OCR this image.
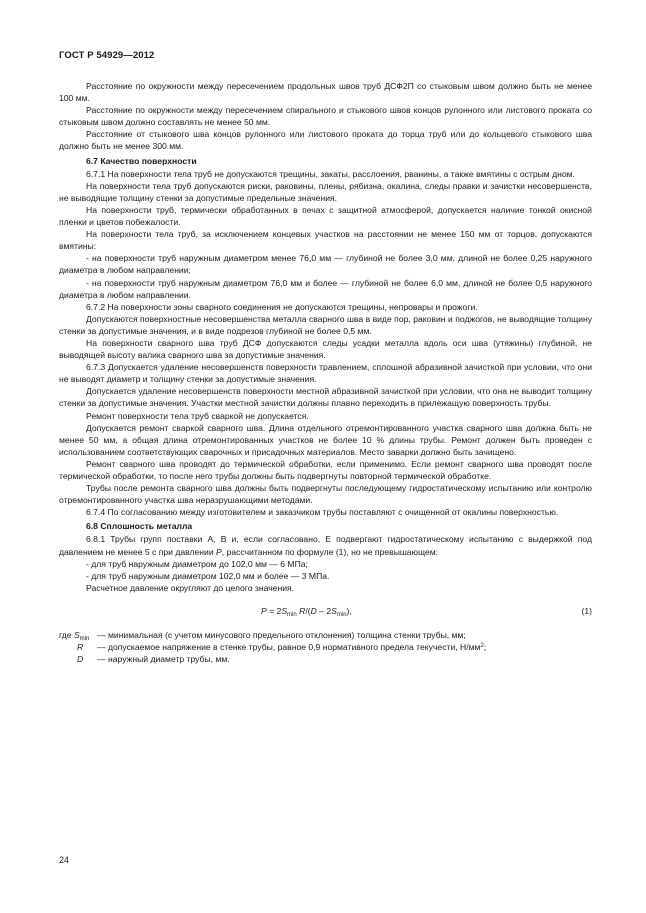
ГОСТ Р 54929—2012

Расстояние по окружности между пересечением продольных швов труб ДСФ2П со стыковым швом должно быть не менее 100 мм.

Расстояние по окружности между пересечением спирального и стыкового швов концов рулонного или листового проката со стыковым швом должно составлять не менее 50 мм.

Расстояние от стыкового шва концов рулонного или листового проката до торца труб или до кольцевого стыкового шва должно быть не менее 300 мм.

6.7 Качество поверхности

6.7.1 На поверхности тела труб не допускаются трещины, закаты, расслоения, рванины, а также вмятины с острым дном.

На поверхности тела труб допускаются риски, раковины, плены, рябизна, окалина, следы правки и зачистки несовершенств, не выводящие толщину стенки за допустимые предельные значения.

На поверхности труб, термически обработанных в печах с защитной атмосферой, допускается наличие тонкой окисной пленки и цветов побежалости.

На поверхности тела труб, за исключением концевых участков на расстоянии не менее 150 мм от торцов, допускаются вмятины:

- на поверхности труб наружным диаметром менее 76,0 мм — глубиной не более 3,0 мм, длиной не более 0,25 наружного диаметра в любом направлении;

- на поверхности труб наружным диаметром 76,0 мм и более — глубиной не более 6,0 мм, длиной не более 0,5 наружного диаметра в любом направлении.

6.7.2 На поверхности зоны сварного соединения не допускаются трещины, непровары и прожоги.

Допускаются поверхностные несовершенства металла сварного шва в виде пор, раковин и поджогов, не выводящие толщину стенки за допустимые значения, и в виде подрезов глубиной не более 0,5 мм.

На поверхности сварного шва труб ДСФ допускаются следы усадки металла вдоль оси шва (утяжины) глубиной, не выводящей высоту валика сварного шва за допустимые значения.

6.7.3 Допускается удаление несовершенств поверхности травлением, сплошной абразивной зачисткой при условии, что они не выводят диаметр и толщину стенки за допустимые значения.

Допускается удаление несовершенств поверхности местной абразивной зачисткой при условии, что она не выводит толщину стенки за допустимые значения. Участки местной зачистки должны плавно переходить в прилежащую поверхность трубы.

Ремонт поверхности тела труб сваркой не допускается.

Допускается ремонт сваркой сварного шва. Длина отдельного отремонтированного участка сварного шва должна быть не менее 50 мм, а общая длина отремонтированных участков не более 10 % длины трубы. Ремонт должен быть проведен с использованием соответствующих сварочных и присадочных материалов. Место заварки должно быть зачищено.

Ремонт сварного шва проводят до термической обработки, если применимо. Если ремонт сварного шва проводят после термической обработки, то после него трубы должны быть подвергнуты повторной термической обработке.

Трубы после ремонта сварного шва должны быть подвергнуты последующему гидростатическому испытанию или контролю отремонтированного участка шва неразрушающими методами.

6.7.4 По согласованию между изготовителем и заказчиком трубы поставляют с очищенной от окалины поверхностью.

6.8 Сплошность металла

6.8.1 Трубы групп поставки А, В и, если согласовано, Е подвергают гидростатическому испытанию с выдержкой под давлением не менее 5 с при давлении Р, рассчитанном по формуле (1), но не превышающем:

- для труб наружным диаметром до 102,0 мм — 6 МПа;

- для труб наружным диаметром 102,0 мм и более — 3 МПа.

Расчетное давление округляют до целого значения.

$P = 2S_{min}$ $R/(D - 2S_{min})$,	(1)
где $S_{min}$ — минимальная (с учетом минусового предельного отклонения) толщина стенки трубы, мм;
R — допускаемое напряжение в стенке трубы, равное 0,9 нормативного предела текучести, $Н/мм^2$;
D — наружный диаметр трубы, мм.
24
